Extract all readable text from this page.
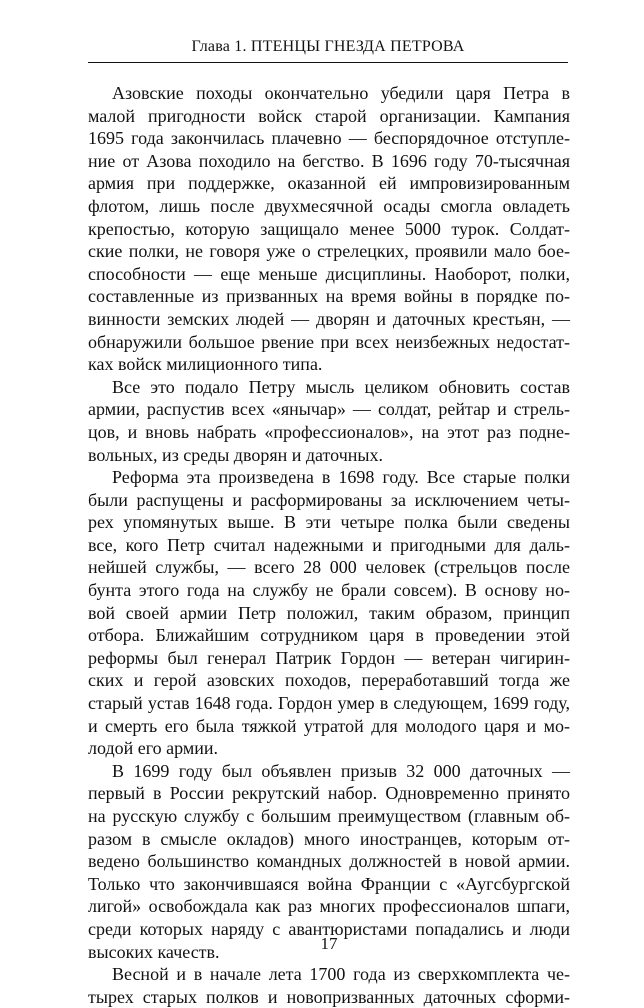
Глава 1. ПТЕНЦЫ ГНЕЗДА ПЕТРОВА
Азовские походы окончательно убедили царя Петра в
малой пригодности войск старой организации. Кампания
1695 года закончилась плачевно — беспорядочное отступле-
ние от Азова походило на бегство. В 1696 году 70-тысячная
армия при поддержке, оказанной ей импровизированным
флотом, лишь после двухмесячной осады смогла овладеть
крепостью, которую защищало менее 5000 турок. Солдат-
ские полки, не говоря уже о стрелецких, проявили мало бое-
способности — еще меньше дисциплины. Наоборот, полки,
составленные из призванных на время войны в порядке по-
винности земских людей — дворян и даточных крестьян, —
обнаружили большое рвение при всех неизбежных недостат-
ках войск милиционного типа.
Все это подало Петру мысль целиком обновить состав
армии, распустив всех «янычар» — солдат, рейтар и стрель-
цов, и вновь набрать «профессионалов», на этот раз подне-
вольных, из среды дворян и даточных.
Реформа эта произведена в 1698 году. Все старые полки
были распущены и расформированы за исключением четы-
рех упомянутых выше. В эти четыре полка были сведены
все, кого Петр считал надежными и пригодными для даль-
нейшей службы, — всего 28 000 человек (стрельцов после
бунта этого года на службу не брали совсем). В основу но-
вой своей армии Петр положил, таким образом, принцип
отбора. Ближайшим сотрудником царя в проведении этой
реформы был генерал Патрик Гордон — ветеран чигирин-
ских и герой азовских походов, переработавший тогда же
старый устав 1648 года. Гордон умер в следующем, 1699 году,
и смерть его была тяжкой утратой для молодого царя и мо-
лодой его армии.
В 1699 году был объявлен призыв 32 000 даточных —
первый в России рекрутский набор. Одновременно принято
на русскую службу с большим преимуществом (главным об-
разом в смысле окладов) много иностранцев, которым от-
ведено большинство командных должностей в новой армии.
Только что закончившаяся война Франции с «Аугсбургской
лигой» освобождала как раз многих профессионалов шпаги,
среди которых наряду с авантюристами попадались и люди
высоких качеств.
Весной и в начале лета 1700 года из сверхкомплекта че-
тырех старых полков и новопризванных даточных сформи-
17
